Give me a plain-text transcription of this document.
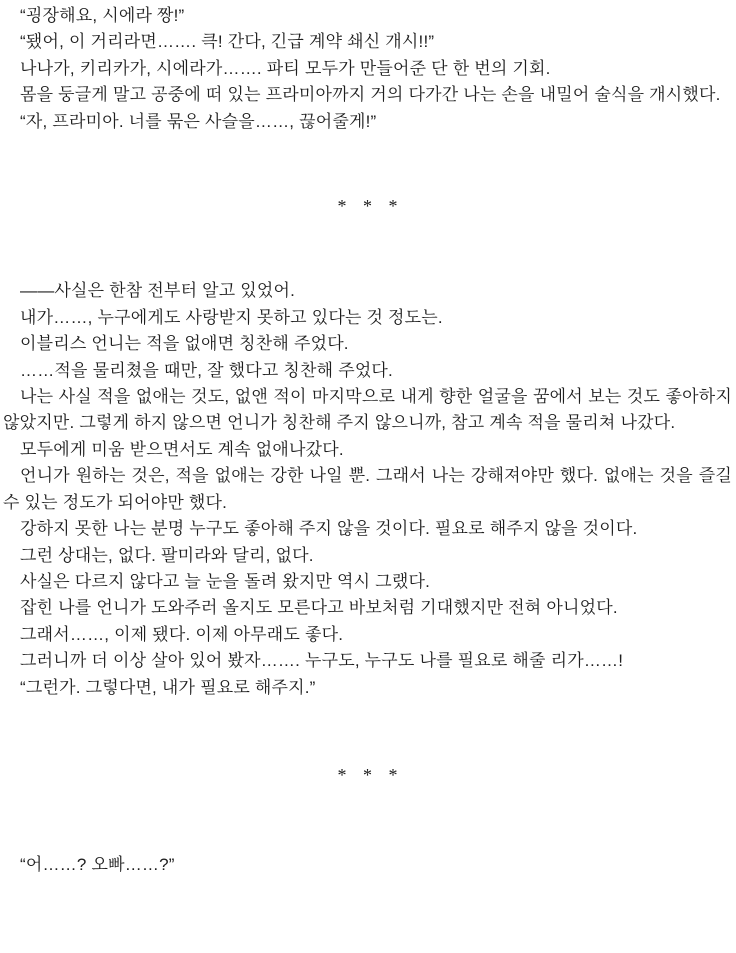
“굉장해요, 시에라 짱!”

“됐어, 이 거리라면……. 큭! 간다, 긴급 계약 쇄신 개시!!”

나나가, 키리카가, 시에라가……. 파티 모두가 만들어준 단 한 번의 기회.

몸을 둥글게 말고 공중에 떠 있는 프라미아까지 거의 다가간 나는 손을 내밀어 술식을 개시했다.

“자, 프라미아. 너를 묶은 사슬을……, 끊어줄게!”

* * *

——사실은 한참 전부터 알고 있었어.

내가……, 누구에게도 사랑받지 못하고 있다는 것 정도는.

이블리스 언니는 적을 없애면 칭찬해 주었다.

……적을 물리쳤을 때만, 잘 했다고 칭찬해 주었다.

나는 사실 적을 없애는 것도, 없앤 적이 마지막으로 내게 향한 얼굴을 꿈에서 보는 것도 좋아하지 않았지만. 그렇게 하지 않으면 언니가 칭찬해 주지 않으니까, 참고 계속 적을 물리쳐 나갔다.

모두에게 미움 받으면서도 계속 없애나갔다.

언니가 원하는 것은, 적을 없애는 강한 나일 뿐. 그래서 나는 강해져야만 했다. 없애는 것을 즐길 수 있는 정도가 되어야만 했다.

강하지 못한 나는 분명 누구도 좋아해 주지 않을 것이다. 필요로 해주지 않을 것이다.

그런 상대는, 없다. 팔미라와 달리, 없다.

사실은 다르지 않다고 늘 눈을 돌려 왔지만 역시 그랬다.

잡힌 나를 언니가 도와주러 올지도 모른다고 바보처럼 기대했지만 전혀 아니었다.

그래서……, 이제 됐다. 이제 아무래도 좋다.

그러니까 더 이상 살아 있어 봤자……. 누구도, 누구도 나를 필요로 해줄 리가……!

“그런가. 그렇다면, 내가 필요로 해주지.”

* * *

“어……? 오빠……?”
